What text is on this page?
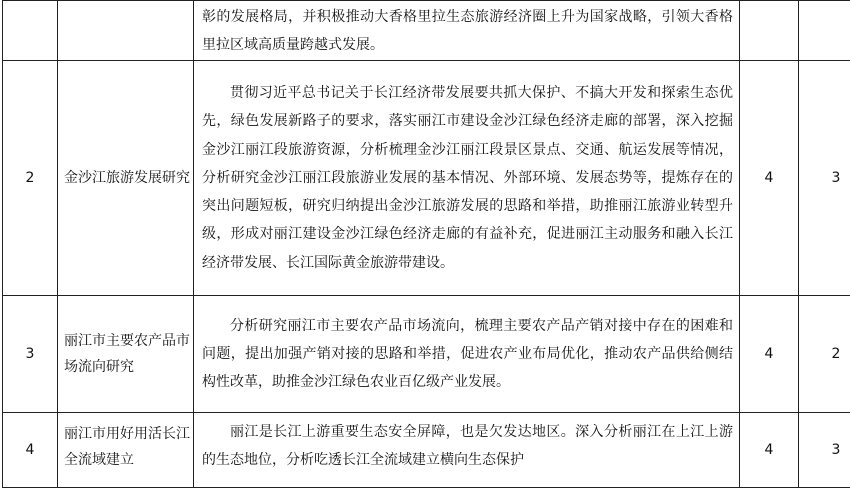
		彰的发展格局，并积极推动大香格里拉生态旅游经济圈上升为国家战略，引领大香格里拉区域高质量跨越式发展。		

2	金沙江旅游发展研究	贯彻习近平总书记关于长江经济带发展要共抓大保护、不搞大开发和探索生态优先，绿色发展新路子的要求，落实丽江市建设金沙江绿色经济走廊的部署，深入挖掘金沙江丽江段旅游资源，分析梳理金沙江丽江段景区景点、交通、航运发展等情况，分析研究金沙江丽江段旅游业发展的基本情况、外部环境、发展态势等，提炼存在的突出问题短板，研究归纳提出金沙江旅游发展的思路和举措，助推丽江旅游业转型升级，形成对丽江建设金沙江绿色经济走廊的有益补充，促进丽江主动服务和融入长江经济带发展、长江国际黄金旅游带建设。	4	3
3	丽江市主要农产品市场流向研究	分析研究丽江市主要农产品市场流向，梳理主要农产品产销对接中存在的困难和问题，提出加强产销对接的思路和举措，促进农产业布局优化，推动农产品供给侧结构性改革，助推金沙江绿色农业百亿级产业发展。	4	2
4	丽江市用好用活长江全流域建立	丽江是长江上游重要生态安全屏障，也是欠发达地区。深入分析丽江在上江上游的生态地位，分析吃透长江全流域建立横向生态保护	4	3
